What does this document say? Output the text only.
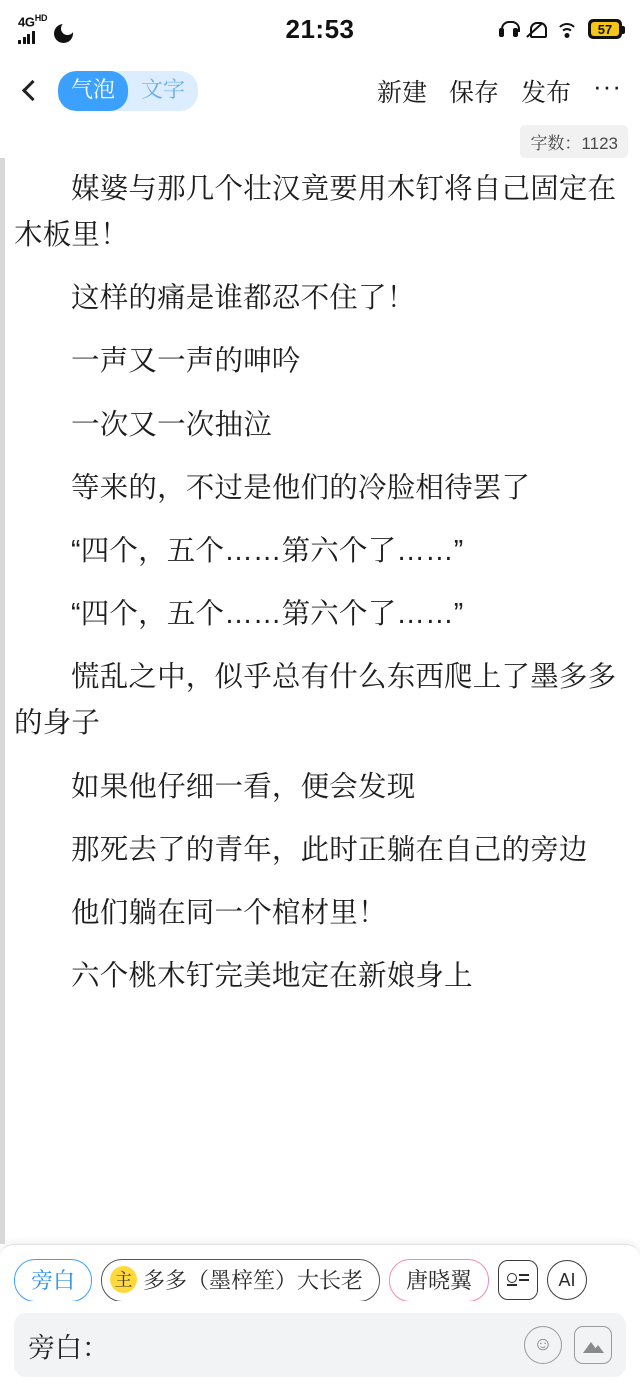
$4G^{HD}$	21:53	57
气泡	文字	新建 保存 发布 ···
字数：1123

媒婆与那几个壮汉竟要用木钉将自己固定在木板里！

这样的痛是谁都忍不住了！

一声又一声的呻吟

一次又一次抽泣

等来的，不过是他们的冷脸相待罢了

“四个，五个……第六个了……”

“四个，五个……第六个了……”

慌乱之中，似乎总有什么东西爬上了墨多多的身子

如果他仔细一看，便会发现

那死去了的青年，此时正躺在自己的旁边

他们躺在同一个棺材里！

六个桃木钉完美地定在新娘身上

旁白	主 多多（墨梓笙）大长老	唐晓翼	AI
旁白：	☺
